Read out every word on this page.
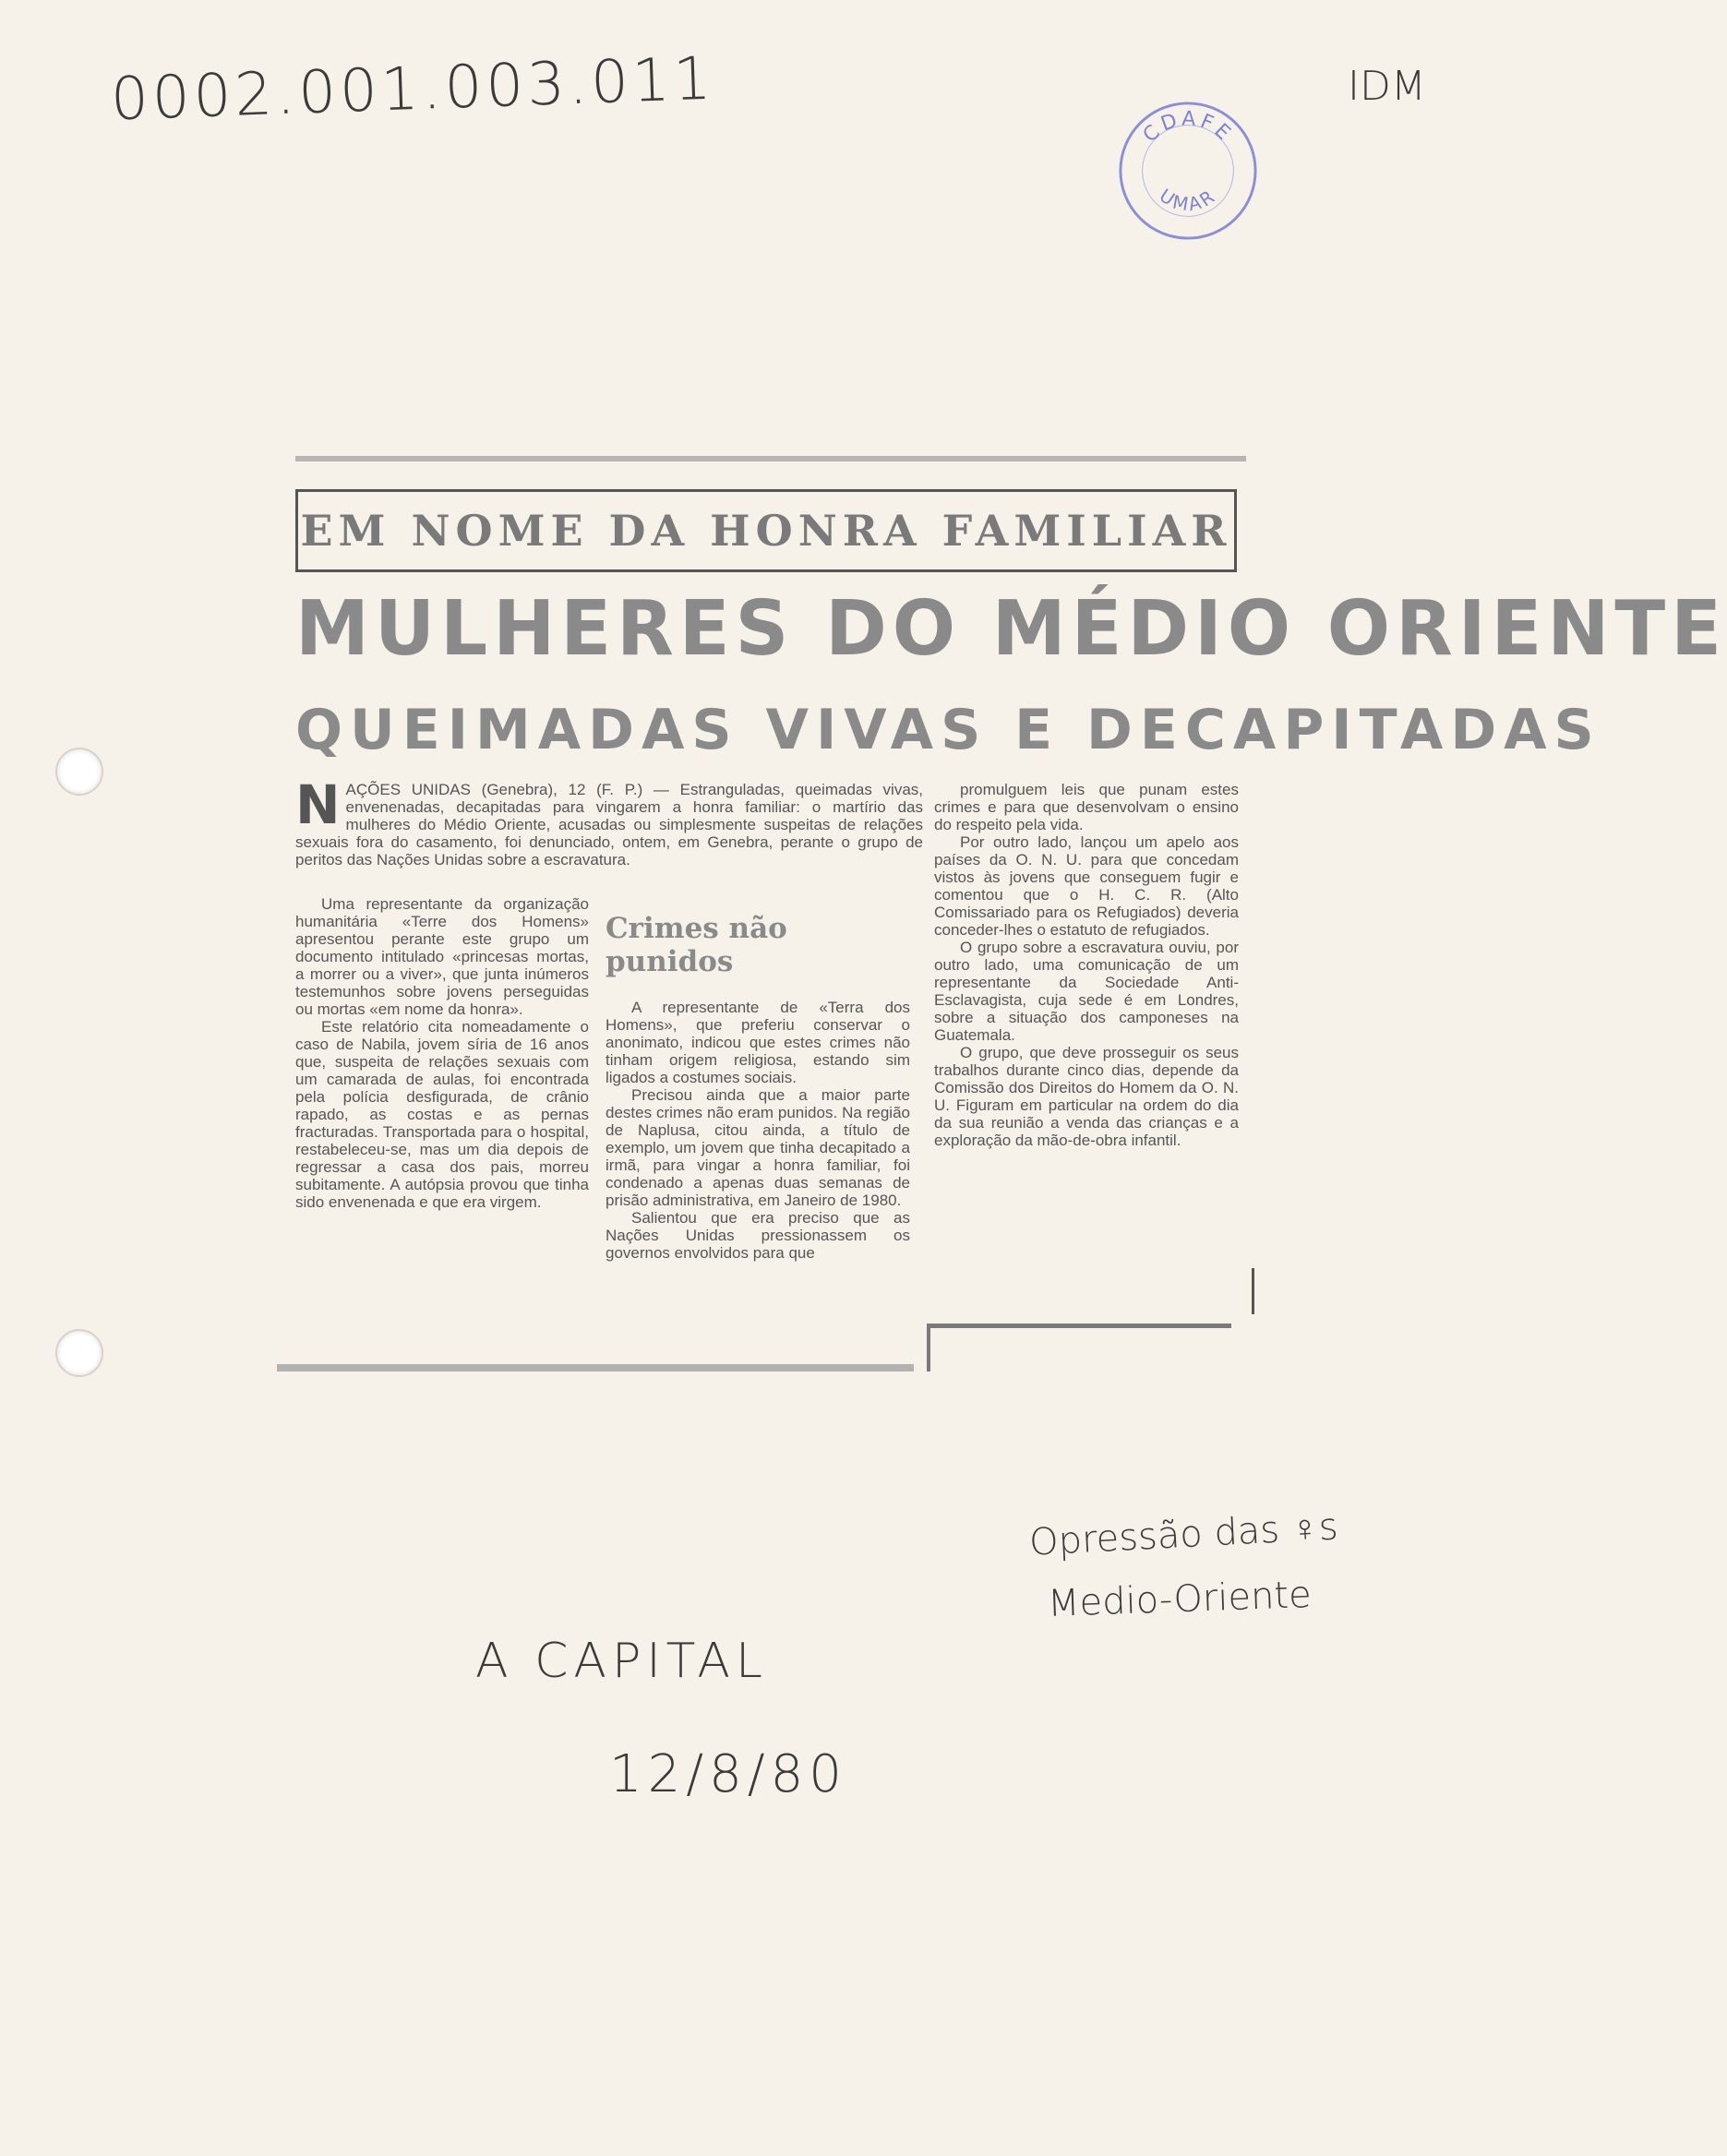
0002.001.003.011	IDM
CDAFE
UMAR
EM NOME DA HONRA FAMILIAR
MULHERES DO MÉDIO ORIENTE
QUEIMADAS VIVAS E DECAPITADAS
NAÇÕES UNIDAS (Genebra), 12 (F. P.) — Estranguladas, queimadas vivas, envenenadas, decapitadas para vingarem a honra familiar: o martírio das mulheres do Médio Oriente, acusadas ou simplesmente suspeitas de relações sexuais fora do casamento, foi denunciado, ontem, em Genebra, perante o grupo de peritos das Nações Unidas sobre a escravatura.

Uma representante da organização humanitária «Terre dos Homens» apresentou perante este grupo um documento intitulado «princesas mortas, a morrer ou a viver», que junta inúmeros testemunhos sobre jovens perseguidas ou mortas «em nome da honra».

Este relatório cita nomeadamente o caso de Nabila, jovem síria de 16 anos que, suspeita de relações sexuais com um camarada de aulas, foi encontrada pela polícia desfigurada, de crânio rapado, as costas e as pernas fracturadas. Transportada para o hospital, restabeleceu-se, mas um dia depois de regressar a casa dos pais, morreu subitamente. A autópsia provou que tinha sido envenenada e que era virgem.

Crimes não punidos

A representante de «Terra dos Homens», que preferiu conservar o anonimato, indicou que estes crimes não tinham origem religiosa, estando sim ligados a costumes sociais.

Precisou ainda que a maior parte destes crimes não eram punidos. Na região de Naplusa, citou ainda, a título de exemplo, um jovem que tinha decapitado a irmã, para vingar a honra familiar, foi condenado a apenas duas semanas de prisão administrativa, em Janeiro de 1980.

Salientou que era preciso que as Nações Unidas pressionassem os governos envolvidos para que

promulguem leis que punam estes crimes e para que desenvolvam o ensino do respeito pela vida.

Por outro lado, lançou um apelo aos países da O. N. U. para que concedam vistos às jovens que conseguem fugir e comentou que o H. C. R. (Alto Comissariado para os Refugiados) deveria conceder-lhes o estatuto de refugiados.

O grupo sobre a escravatura ouviu, por outro lado, uma comunicação de um representante da Sociedade Anti-Esclavagista, cuja sede é em Londres, sobre a situação dos camponeses na Guatemala.

O grupo, que deve prosseguir os seus trabalhos durante cinco dias, depende da Comissão dos Direitos do Homem da O. N. U. Figuram em particular na ordem do dia da sua reunião a venda das crianças e a exploração da mão-de-obra infantil.

Opressão das ♀s
Medio-Oriente
A CAPITAL
12/8/80
